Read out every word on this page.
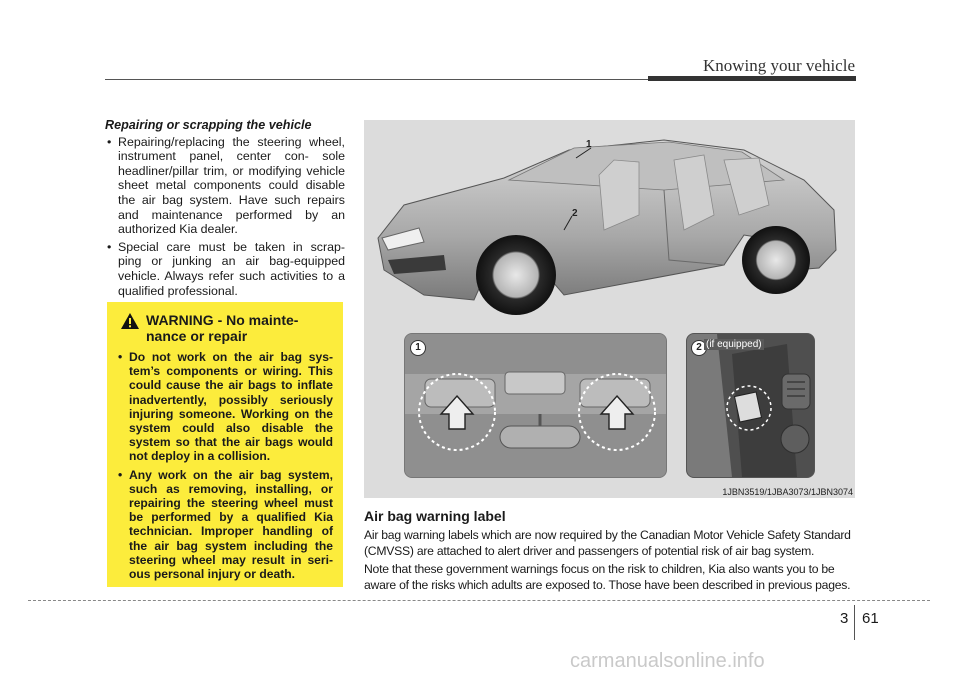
Knowing your vehicle
Repairing or scrapping the vehicle
• Repairing/replacing the steering wheel, instrument panel, center con- sole headliner/pillar trim, or modifying vehicle sheet metal components could disable the air bag system. Have such repairs and maintenance performed by an authorized Kia dealer.
• Special care must be taken in scrap- ping or junking an air bag-equipped vehicle. Always refer such activities to a qualified professional.
WARNING - No mainte-
nance or repair
• Do not work on the air bag sys- tem’s components or wiring. This could cause the air bags to inflate inadvertently, possibly seriously injuring someone. Working on the system could also disable the system so that the air bags would not deploy in a collision.
• Any work on the air bag system, such as removing, installing, or repairing the steering wheel must be performed by a qualified Kia technician. Improper handling of the air bag system including the steering wheel may result in seri- ous personal injury or death.
1
2
1	2 (if equipped)
1JBN3519/1JBA3073/1JBN3074
Air bag warning label
Air bag warning labels which are now required by the Canadian Motor Vehicle Safety Standard (CMVSS) are attached to alert driver and passengers of potential risk of air bag system.
Note that these government warnings focus on the risk to children, Kia also wants you to be aware of the risks which adults are exposed to. Those have been described in previous pages.
3 61
carmanualsonline.info
